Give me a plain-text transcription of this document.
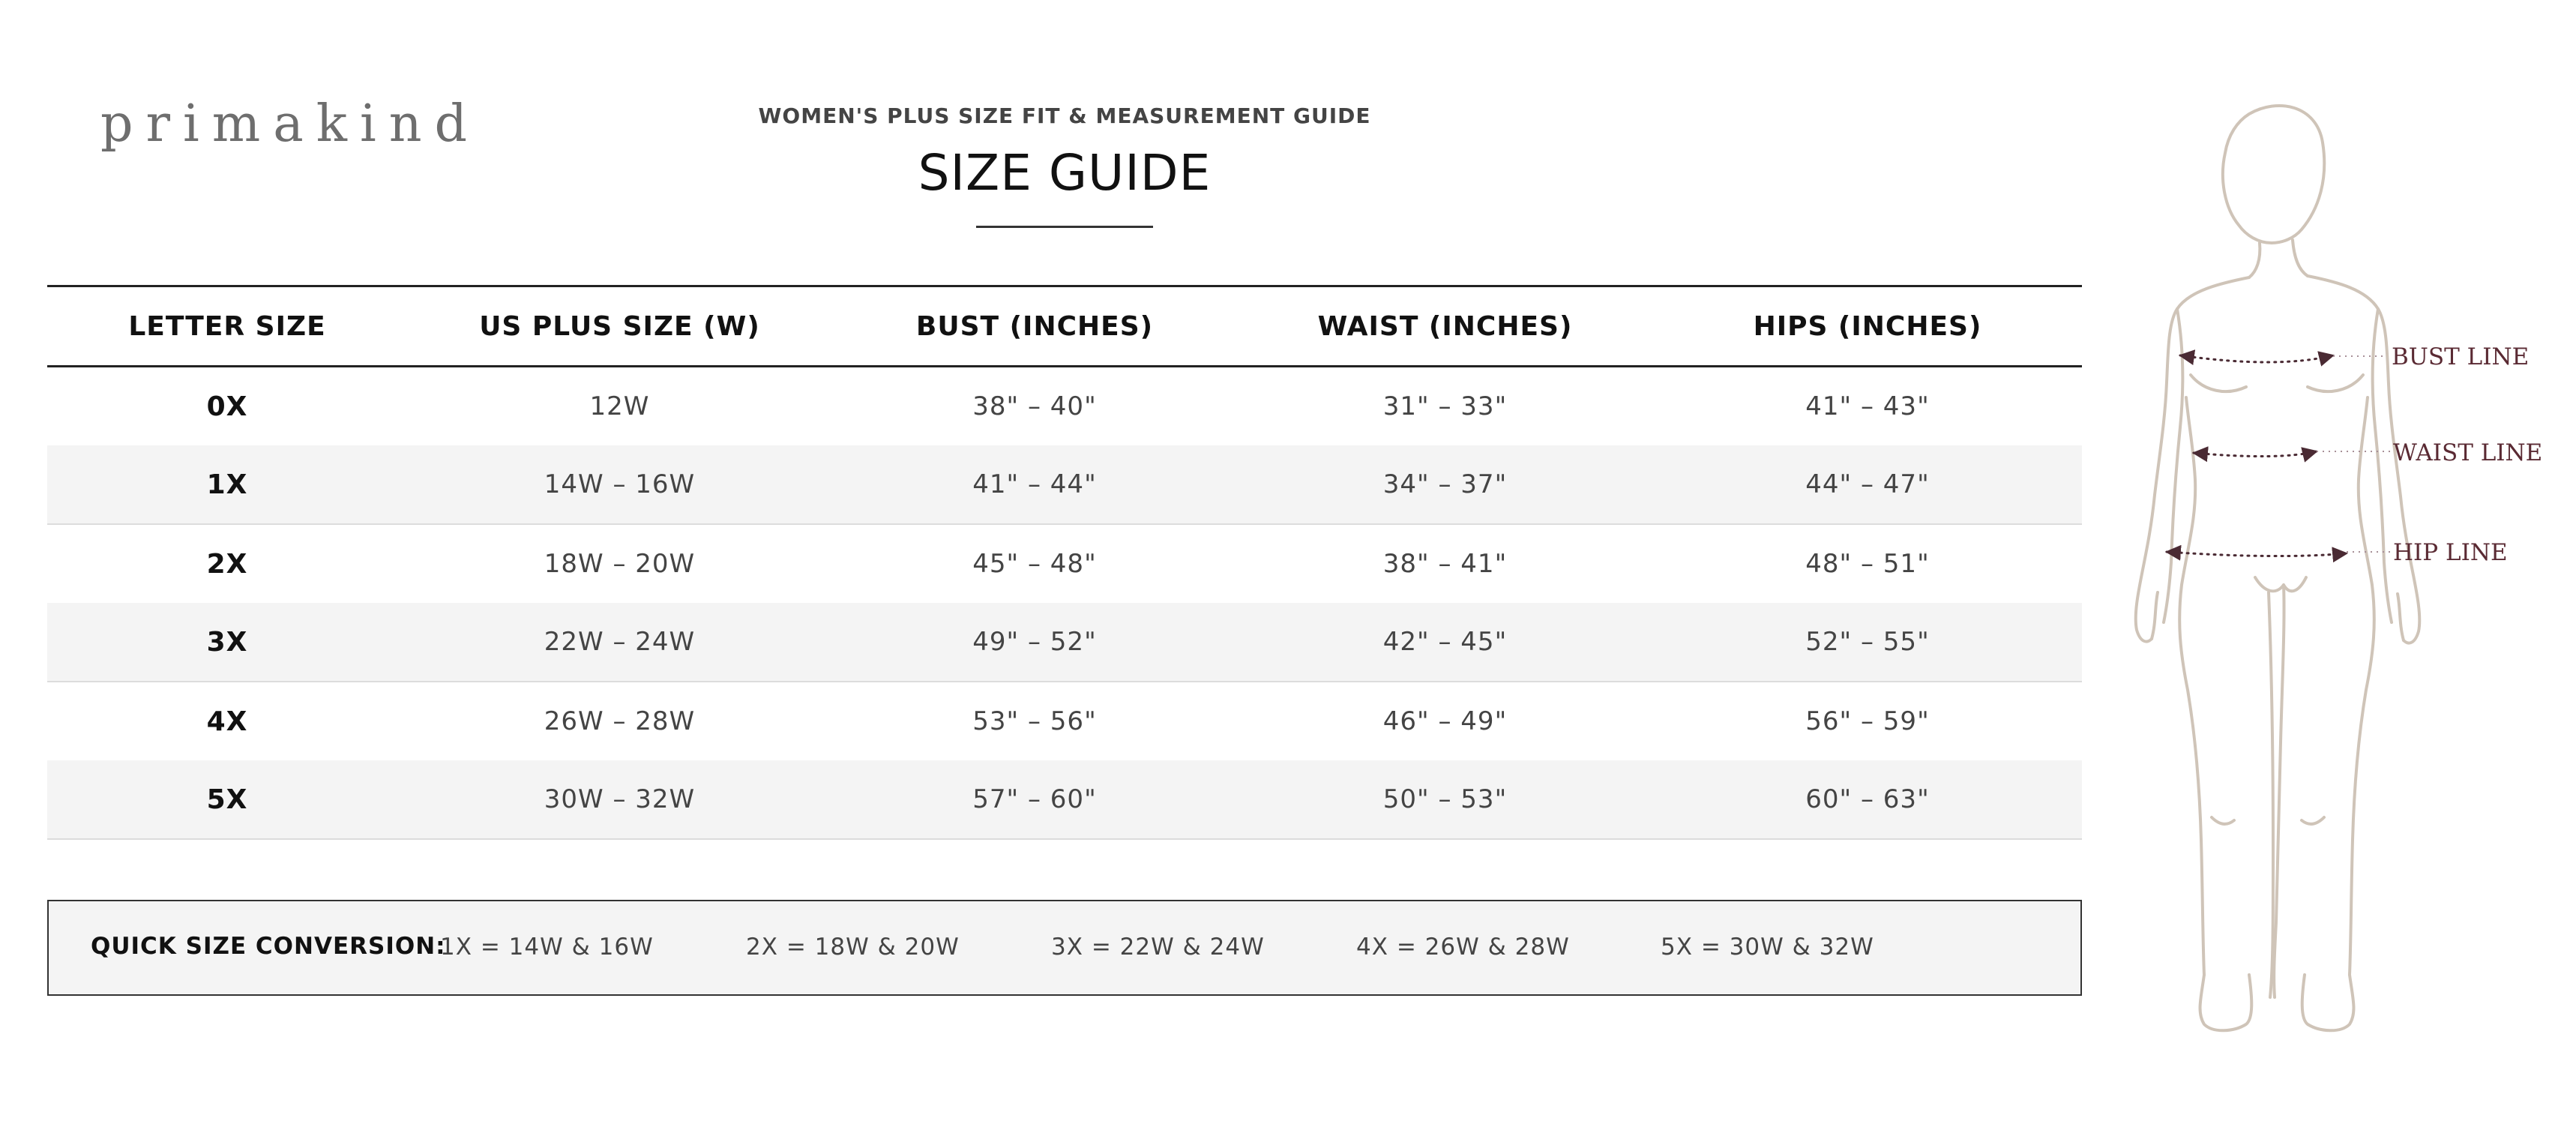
primakind	WOMEN'S PLUS SIZE FIT & MEASUREMENT GUIDE
SIZE GUIDE
LETTER SIZE	US PLUS SIZE (W)	BUST (INCHES)	WAIST (INCHES)	HIPS (INCHES)
0X	12W	38" – 40"	31" – 33"	41" – 43"
1X	14W – 16W	41" – 44"	34" – 37"	44" – 47"
2X	18W – 20W	45" – 48"	38" – 41"	48" – 51"
3X	22W – 24W	49" – 52"	42" – 45"	52" – 55"
4X	26W – 28W	53" – 56"	46" – 49"	56" – 59"
5X	30W – 32W	57" – 60"	50" – 53"	60" – 63"
QUICK SIZE CONVERSION:
1X = 14W & 16W	2X = 18W & 20W	3X = 22W & 24W	4X = 26W & 28W	5X = 30W & 32W
BUST LINE
WAIST LINE
HIP LINE
